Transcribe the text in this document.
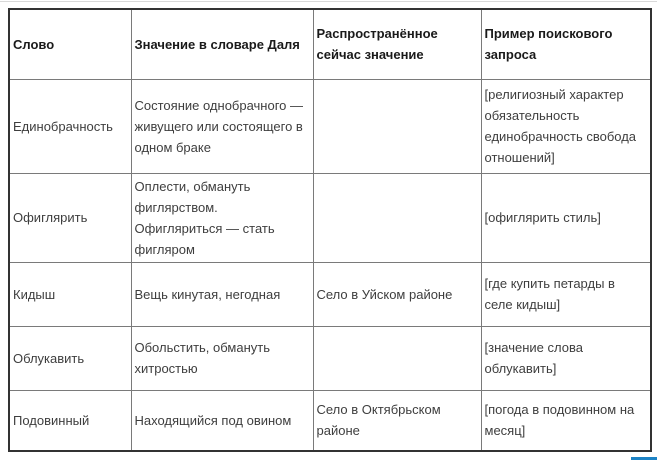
Слово	Значение в словаре Даля	Распространённое сейчас значение	Пример поискового запроса
Единобрачность	Состояние однобрачного — живущего или состоящего в одном браке		[религиозный характер обязательность единобрачность свобода отношений]
Офиглярить	Оплести, обмануть фиглярством. Офигляриться — стать фигляром		[офиглярить стиль]
Кидыш	Вещь кинутая, негодная	Село в Уйском районе	[где купить петарды в селе кидыш]
Облукавить	Обольстить, обмануть хитростью		[значение слова облукавить]
Подовинный	Находящийся под овином	Село в Октябрьском районе	[погода в подовинном на месяц]
